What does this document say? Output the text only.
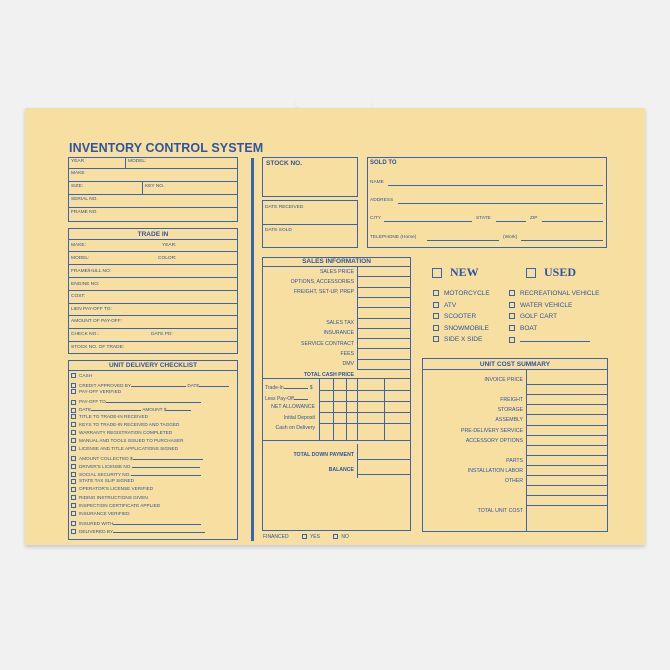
INVENTORY CONTROL SYSTEM
YEAR	MODEL:
MAKE
SIZE:	KEY NO.
SERIAL NO.
FRAME NO.
TRADE IN
MAKE:	YEAR:
MODEL:	COLOR:
FRAME/HULL NO:
ENGINE NO:
COST:
LIEN PAY-OFF TO:
AMOUNT OF PAY-OFF:
CHECK NO.:	DATE PD:
STOCK NO. OF TRADE:
UNIT DELIVERY CHECKLIST
CASH
CREDIT APPROVED BY	DATE
PAY-OFF VERIFIED
PAY-OFF TO
DATE	AMOUNT $
TITLE TO TRADE-IN RECEIVED
KEYS TO TRADE-IN RECEIVED AND TAGGED
WARRANTY REGISTRATION COMPLETED
MANUAL AND TOOLS ISSUED TO PURCHASER
LICENSE AND TITLE APPLICATIONS SIGNED
AMOUNT COLLECTED $
DRIVER'S LICENSE NO.
SOCIAL SECURITY NO.
STATE TAX SLIP SIGNED
OPERATOR'S LICENSE VERIFIED
RIDING INSTRUCTIONS GIVEN
INSPECTION CERTIFICATE APPLIED
INSURANCE VERIFIED
INSURED WITH
DELIVERED BY
STOCK NO.
DATE RECEIVED
DATE SOLD
SOLD TO
NAME
ADDRESS
CITY	STATE	ZIP
TELEPHONE (Home)	(Work)
SALES INFORMATION
SALES PRICE
OPTIONS, ACCESSORIES
FREIGHT, SET-UP, PREP
SALES TAX
INSURANCE
SERVICE CONTRACT
FEES
DMV
TOTAL CASH PRICE
Trade-In	$
Less Pay-Off
NET ALLOWANCE
Initial Deposit
Cash on Delivery
TOTAL DOWN PAYMENT
BALANCE
FINANCED	YES	NO
NEW	USED
MOTORCYCLE
ATV
SCOOTER
SNOWMOBILE
SIDE X SIDE
RECREATIONAL VEHICLE
WATER VEHICLE
GOLF CART
BOAT
UNIT COST SUMMARY
INVOICE PRICE
FREIGHT
STORAGE
ASSEMBLY
PRE-DELIVERY SERVICE
ACCESSORY OPTIONS
PARTS
INSTALLATION LABOR
OTHER
TOTAL UNIT COST
